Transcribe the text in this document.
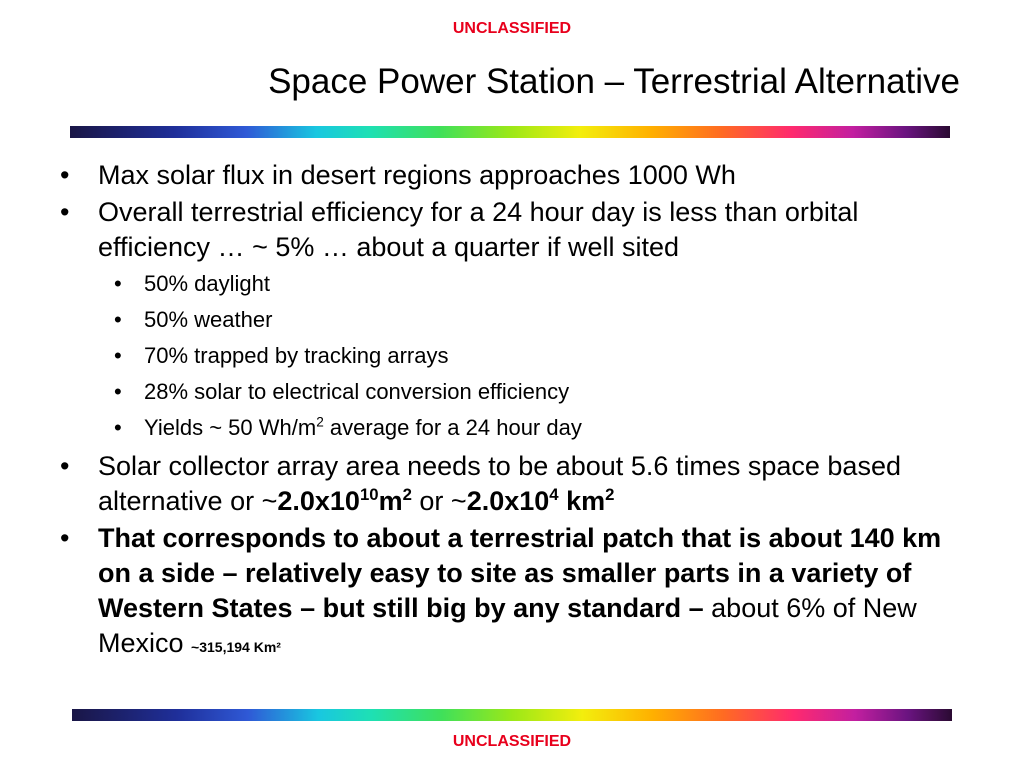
UNCLASSIFIED
Space Power Station – Terrestrial Alternative
• Max solar flux in desert regions approaches 1000 Wh
• Overall terrestrial efficiency for a 24 hour day is less than orbital efficiency … ~ 5% … about a quarter if well sited
• 50% daylight
• 50% weather
• 70% trapped by tracking arrays
• 28% solar to electrical conversion efficiency
• Yields ~ 50 $Wh/m^2$ average for a 24 hour day
• Solar collector array area needs to be about 5.6 times space based alternative or $\sim 2.0x10^{10}m^2$ or $\sim 2.0x10^4$ $km^2$
• That corresponds to about a terrestrial patch that is about 140 km on a side – relatively easy to site as smaller parts in a variety of Western States – but still big by any standard – about 6% of New Mexico ~315,194 Km²
UNCLASSIFIED
